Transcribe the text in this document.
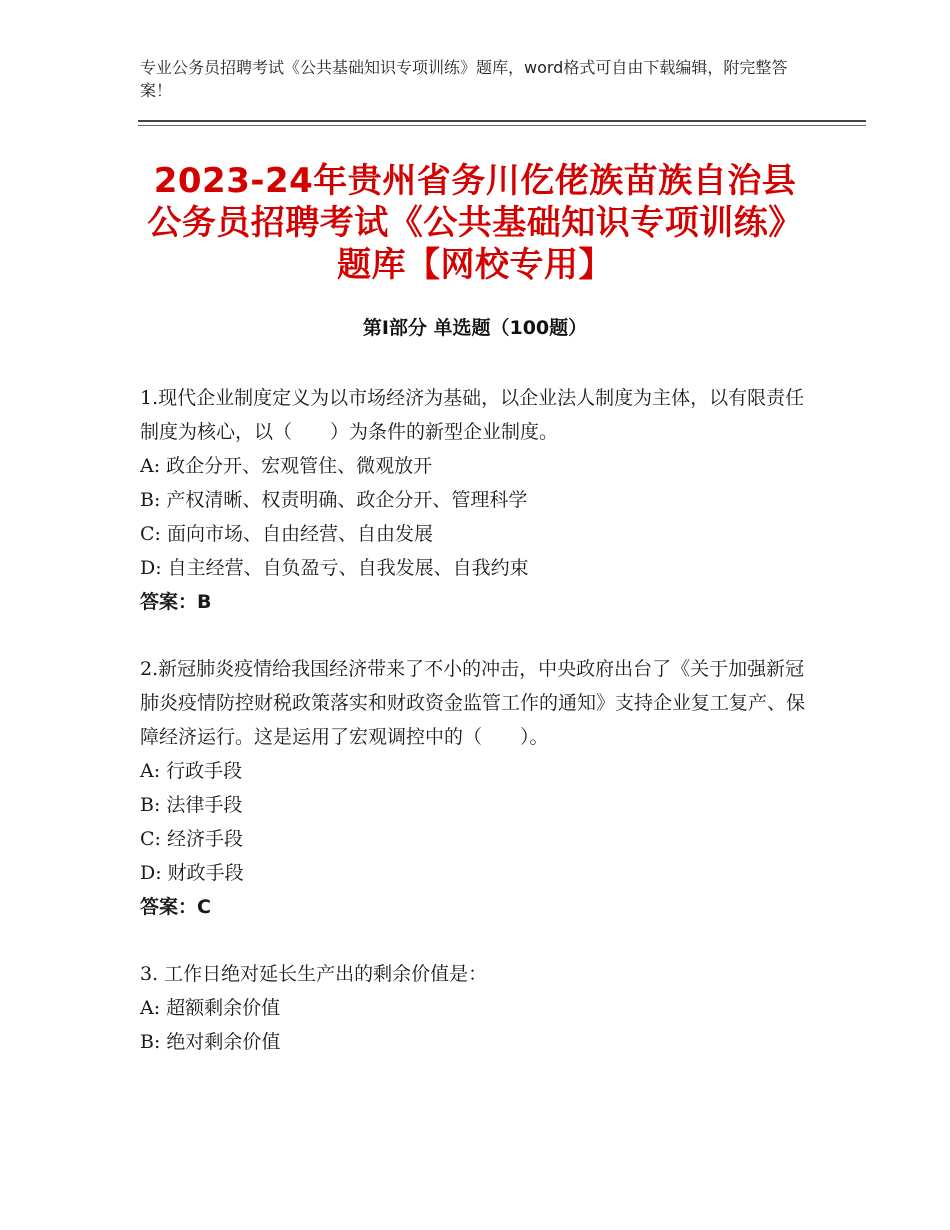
专业公务员招聘考试《公共基础知识专项训练》题库，word格式可自由下载编辑，附完整答案！
2023-24年贵州省务川仡佬族苗族自治县公务员招聘考试《公共基础知识专项训练》题库【网校专用】
第Ⅰ部分 单选题（100题）

1.现代企业制度定义为以市场经济为基础，以企业法人制度为主体，以有限责任制度为核心，以（　　）为条件的新型企业制度。

A: 政企分开、宏观管住、微观放开

B: 产权清晰、权责明确、政企分开、管理科学

C: 面向市场、自由经营、自由发展

D: 自主经营、自负盈亏、自我发展、自我约束

答案：B

2.新冠肺炎疫情给我国经济带来了不小的冲击，中央政府出台了《关于加强新冠肺炎疫情防控财税政策落实和财政资金监管工作的通知》支持企业复工复产、保障经济运行。这是运用了宏观调控中的（　　）。

A: 行政手段

B: 法律手段

C: 经济手段

D: 财政手段

答案：C

3. 工作日绝对延长生产出的剩余价值是：

A: 超额剩余价值

B: 绝对剩余价值
